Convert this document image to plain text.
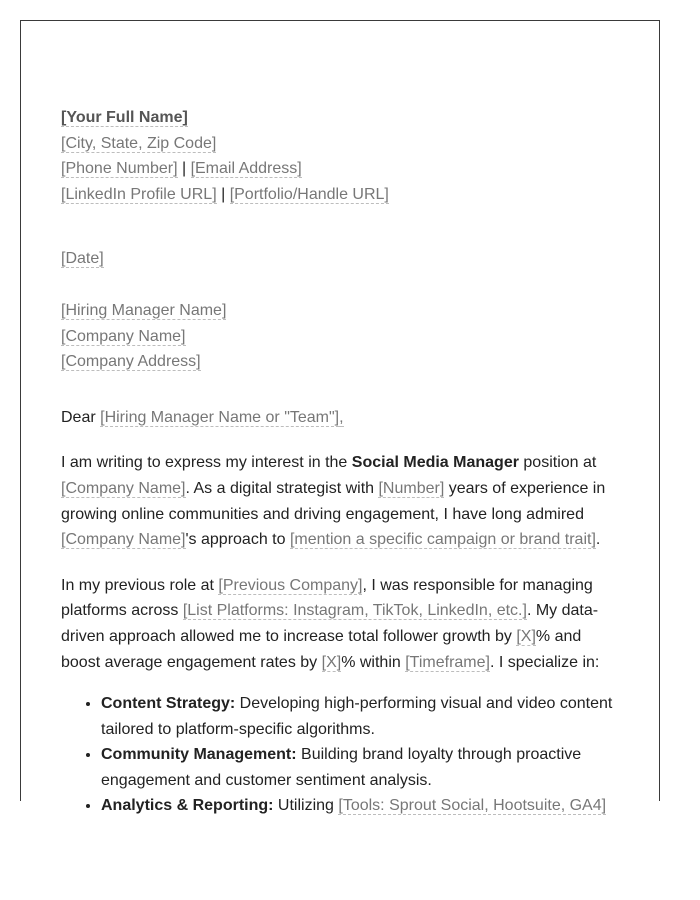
[Your Full Name]
[City, State, Zip Code]
[Phone Number] | [Email Address]
[LinkedIn Profile URL] | [Portfolio/Handle URL]
[Date]
[Hiring Manager Name]
[Company Name]
[Company Address]
Dear [Hiring Manager Name or "Team"],

I am writing to express my interest in the Social Media Manager position at [Company Name]. As a digital strategist with [Number] years of experience in growing online communities and driving engagement, I have long admired [Company Name]'s approach to [mention a specific campaign or brand trait].

In my previous role at [Previous Company], I was responsible for managing platforms across [List Platforms: Instagram, TikTok, LinkedIn, etc.]. My data-driven approach allowed me to increase total follower growth by [X]% and boost average engagement rates by [X]% within [Timeframe]. I specialize in:

• Content Strategy: Developing high-performing visual and video content tailored to platform-specific algorithms.
• Community Management: Building brand loyalty through proactive engagement and customer sentiment analysis.
• Analytics & Reporting: Utilizing [Tools: Sprout Social, Hootsuite, GA4]
